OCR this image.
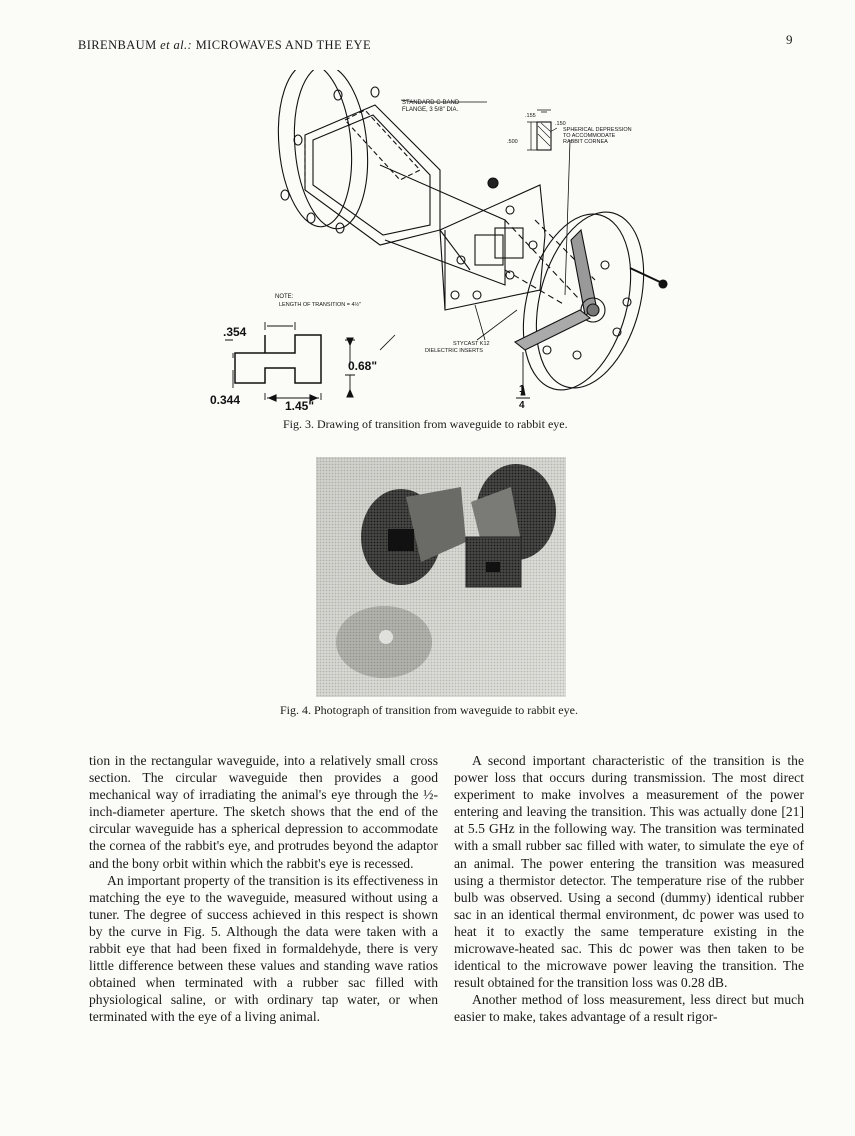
BIRENBAUM et al.: MICROWAVES AND THE EYE	9
STANDARD C-BAND
FLANGE, 3 5/8" DIA.
.155
.150
.500
SPHERICAL DEPRESSION
TO ACCOMMODATE
RABBIT CORNEA
NOTE:
LENGTH OF TRANSITION = 4½"
STYCAST K12
DIELECTRIC INSERTS
.354
0.68"
0.344	1.45"
1
4
Fig. 3. Drawing of transition from waveguide to rabbit eye.
Fig. 4. Photograph of transition from waveguide to rabbit eye.

tion in the rectangular waveguide, into a relatively small cross section. The circular waveguide then provides a good mechanical way of irradiating the animal's eye through the ½-inch-diameter aperture. The sketch shows that the end of the circular waveguide has a spherical depression to accommodate the cornea of the rabbit's eye, and protrudes beyond the adaptor and the bony orbit within which the rabbit's eye is recessed.

An important property of the transition is its effectiveness in matching the eye to the waveguide, measured without using a tuner. The degree of success achieved in this respect is shown by the curve in Fig. 5. Although the data were taken with a rabbit eye that had been fixed in formaldehyde, there is very little difference between these values and standing wave ratios obtained when terminated with a rubber sac filled with physiological saline, or with ordinary tap water, or when terminated with the eye of a living animal.

A second important characteristic of the transition is the power loss that occurs during transmission. The most direct experiment to make involves a measurement of the power entering and leaving the transition. This was actually done [21] at 5.5 GHz in the following way. The transition was terminated with a small rubber sac filled with water, to simulate the eye of an animal. The power entering the transition was measured using a thermistor detector. The temperature rise of the rubber bulb was observed. Using a second (dummy) identical rubber sac in an identical thermal environment, dc power was used to heat it to exactly the same temperature existing in the microwave-heated sac. This dc power was then taken to be identical to the microwave power leaving the transition. The result obtained for the transition loss was 0.28 dB.

Another method of loss measurement, less direct but much easier to make, takes advantage of a result rigor-
